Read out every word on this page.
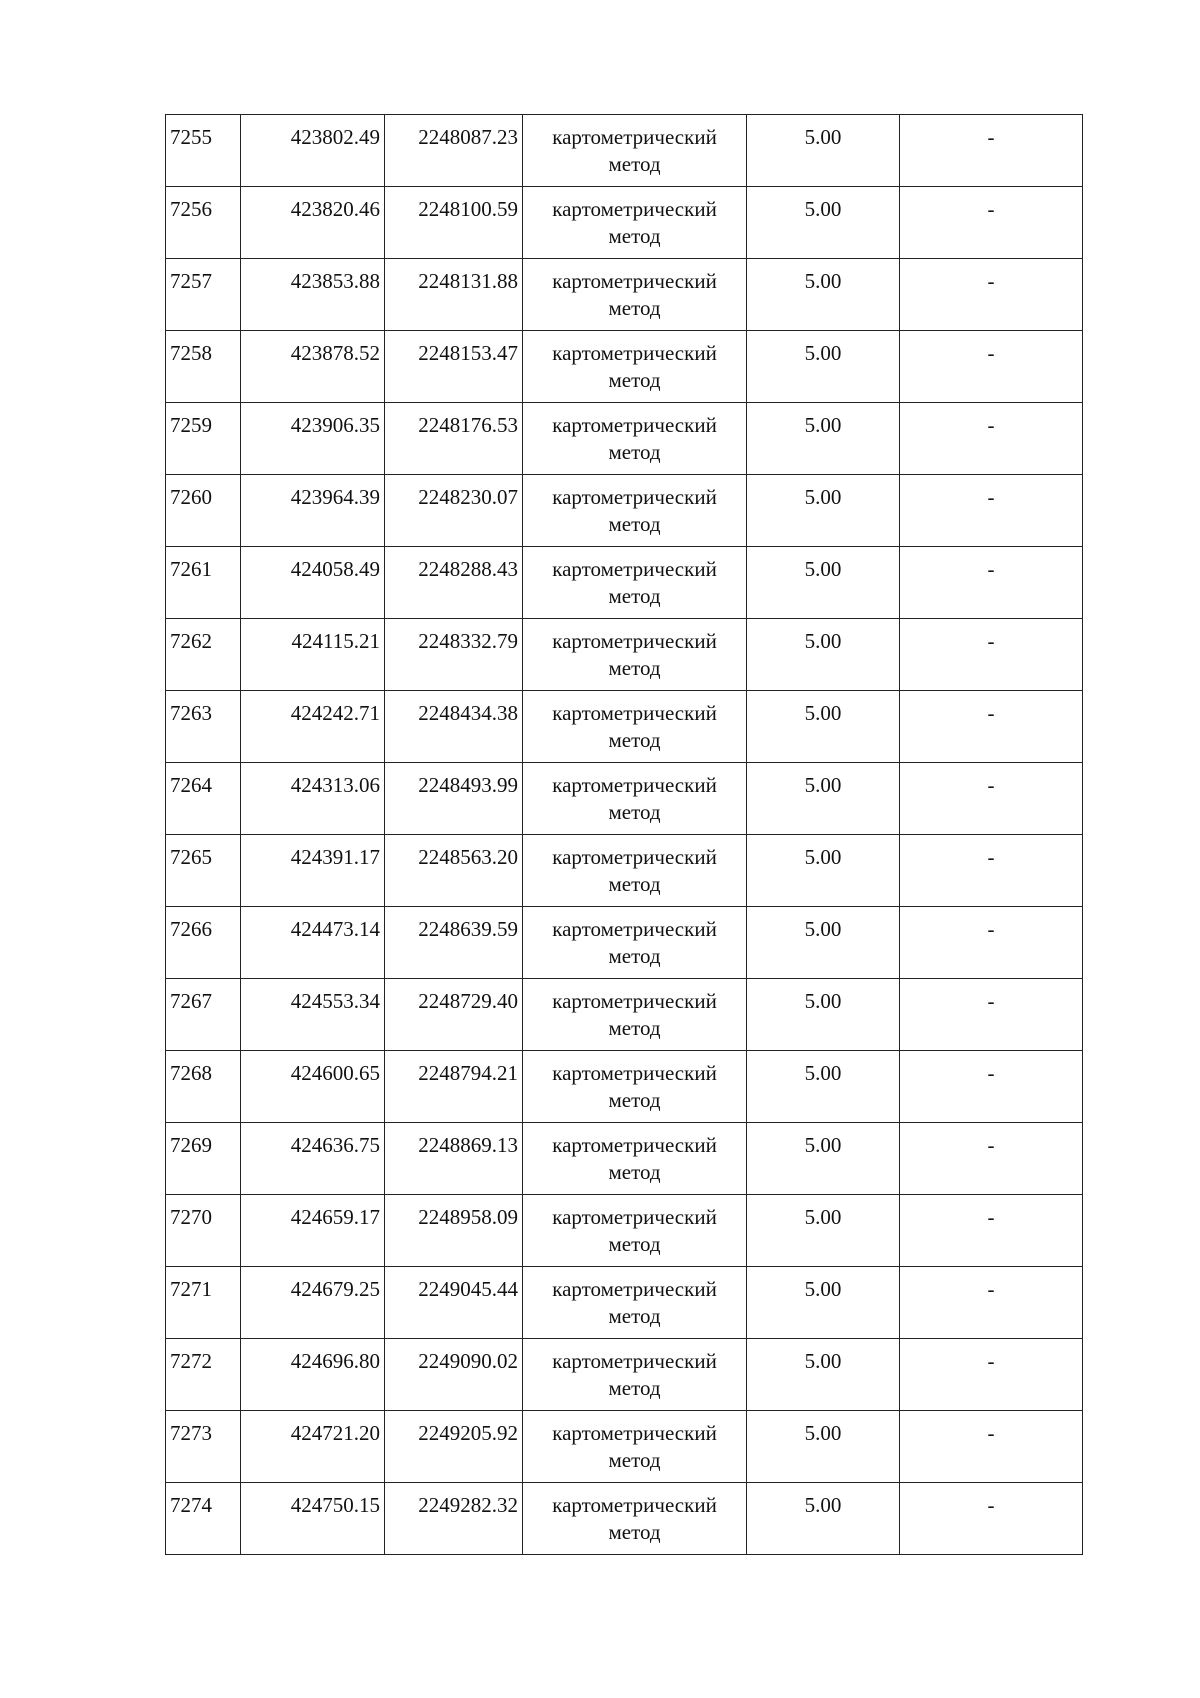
7255	423802.49	2248087.23	картометрический метод	5.00	-
7256	423820.46	2248100.59	картометрический метод	5.00	-
7257	423853.88	2248131.88	картометрический метод	5.00	-
7258	423878.52	2248153.47	картометрический метод	5.00	-
7259	423906.35	2248176.53	картометрический метод	5.00	-
7260	423964.39	2248230.07	картометрический метод	5.00	-
7261	424058.49	2248288.43	картометрический метод	5.00	-
7262	424115.21	2248332.79	картометрический метод	5.00	-
7263	424242.71	2248434.38	картометрический метод	5.00	-
7264	424313.06	2248493.99	картометрический метод	5.00	-
7265	424391.17	2248563.20	картометрический метод	5.00	-
7266	424473.14	2248639.59	картометрический метод	5.00	-
7267	424553.34	2248729.40	картометрический метод	5.00	-
7268	424600.65	2248794.21	картометрический метод	5.00	-
7269	424636.75	2248869.13	картометрический метод	5.00	-
7270	424659.17	2248958.09	картометрический метод	5.00	-
7271	424679.25	2249045.44	картометрический метод	5.00	-
7272	424696.80	2249090.02	картометрический метод	5.00	-
7273	424721.20	2249205.92	картометрический метод	5.00	-
7274	424750.15	2249282.32	картометрический метод	5.00	-
